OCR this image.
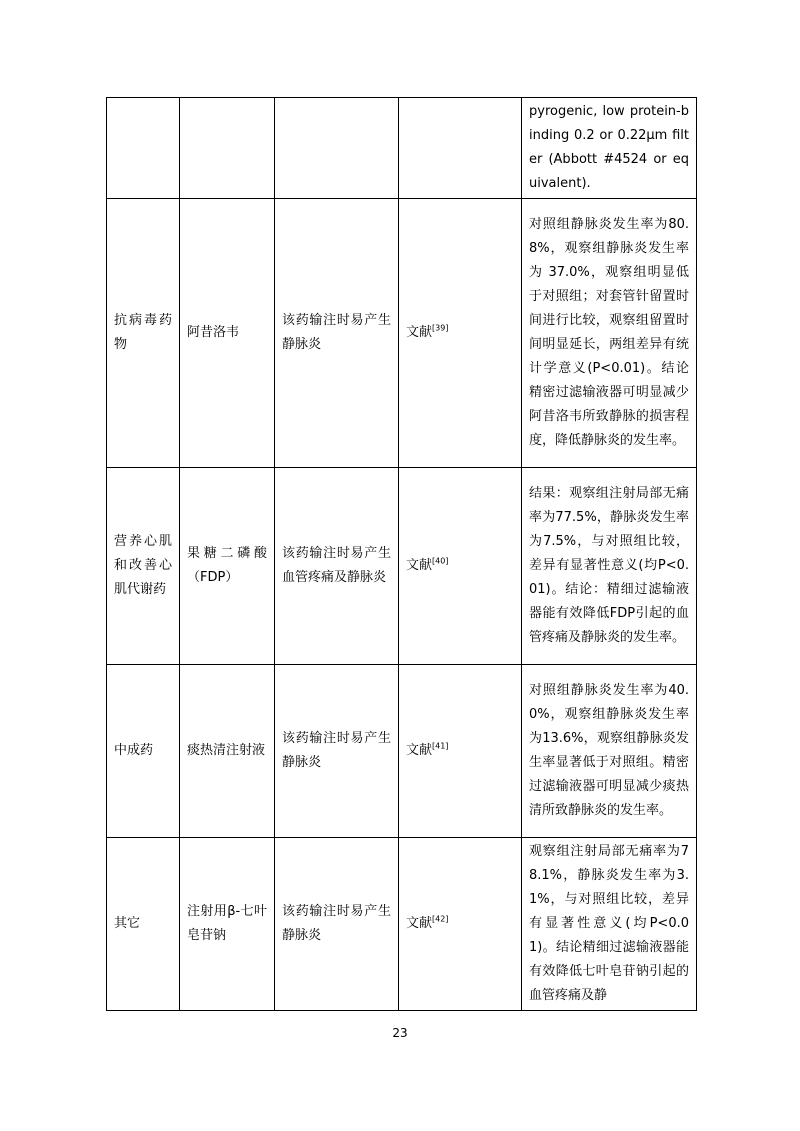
				pyrogenic, low protein-binding 0.2 or 0.22μm filter (Abbott #4524 or equivalent).
抗病毒药物	阿昔洛韦	该药输注时易产生静脉炎	文献[39]	对照组静脉炎发生率为80.8%，观察组静脉炎发生率为 37.0%，观察组明显低于对照组；对套管针留置时间进行比较，观察组留置时间明显延长，两组差异有统计学意义(P<0.01)。结论精密过滤输液器可明显减少阿昔洛韦所致静脉的损害程度，降低静脉炎的发生率。
营养心肌和改善心肌代谢药	果糖二磷酸（FDP）	该药输注时易产生血管疼痛及静脉炎	文献[40]	结果：观察组注射局部无痛率为77.5%，静脉炎发生率为7.5%，与对照组比较，差异有显著性意义(均P<0.01)。结论：精细过滤输液器能有效降低FDP引起的血管疼痛及静脉炎的发生率。
中成药	痰热清注射液	该药输注时易产生静脉炎	文献[41]	对照组静脉炎发生率为40.0%，观察组静脉炎发生率为13.6%，观察组静脉炎发生率显著低于对照组。精密过滤输液器可明显减少痰热清所致静脉炎的发生率。
其它	注射用β-七叶皂苷钠	该药输注时易产生静脉炎	文献[42]	观察组注射局部无痛率为78.1%，静脉炎发生率为3.1%，与对照组比较，差异有显著性意义(均P<0.01)。结论精细过滤输液器能有效降低七叶皂苷钠引起的血管疼痛及静
23
